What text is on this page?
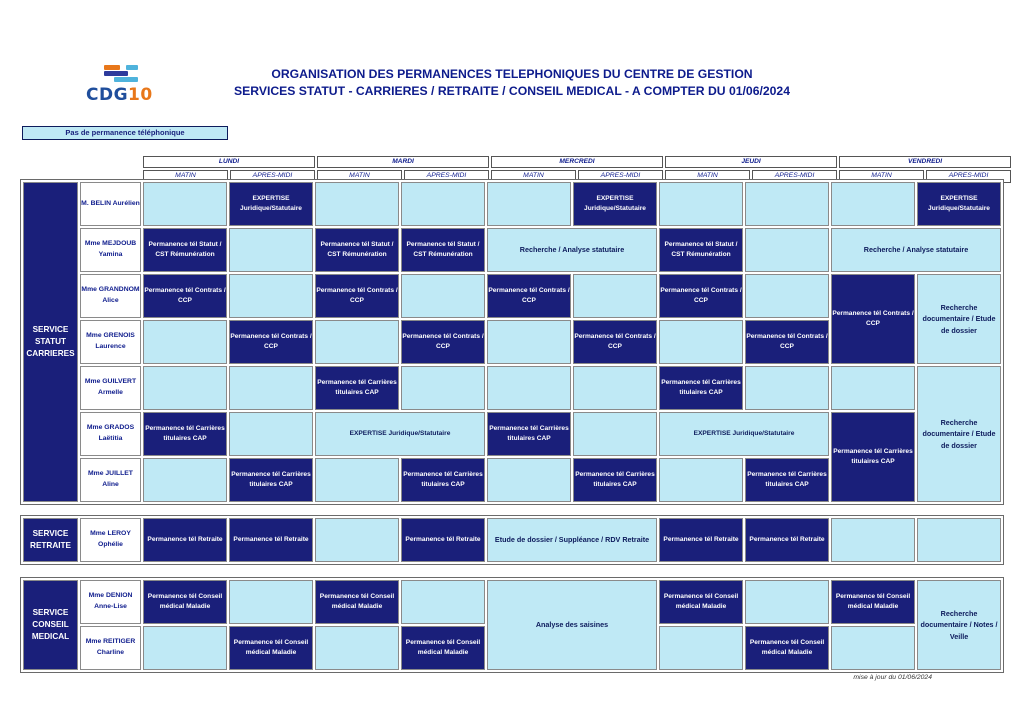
CDG10
ORGANISATION DES PERMANENCES TELEPHONIQUES DU CENTRE DE GESTION
SERVICES STATUT - CARRIERES / RETRAITE / CONSEIL MEDICAL - A COMPTER DU 01/06/2024
Pas de permanence téléphonique
LUNDI		MARDI		MERCREDI		JEUDI		VENDREDI	
MATIN	APRES-MIDI	MATIN	APRES-MIDI	MATIN	APRES-MIDI	MATIN	APRES-MIDI	MATIN	APRES-MIDI
SERVICE STATUT CARRIERES	M. BELIN Aurélien		EXPERTISE Juridique/Statutaire				EXPERTISE Juridique/Statutaire				EXPERTISE Juridique/Statutaire
	Mme MEJDOUB Yamina	Permanence tél Statut / CST Rémunération		Permanence tél Statut / CST Rémunération	Permanence tél Statut / CST Rémunération	Recherche / Analyse statutaire		Permanence tél Statut / CST Rémunération		Recherche / Analyse statutaire	
	Mme GRANDNOM Alice	Permanence tél Contrats / CCP		Permanence tél Contrats / CCP		Permanence tél Contrats / CCP		Permanence tél Contrats / CCP		Permanence tél Contrats / CCP	Recherche documentaire / Etude de dossier
	Mme GRENOIS Laurence		Permanence tél Contrats / CCP		Permanence tél Contrats / CCP		Permanence tél Contrats / CCP		Permanence tél Contrats / CCP		
	Mme GUILVERT Armelle			Permanence tél Carrières titulaires CAP				Permanence tél Carrières titulaires CAP			Recherche documentaire / Etude de dossier
	Mme GRADOS Laëtitia	Permanence tél Carrières titulaires CAP		EXPERTISE Juridique/Statutaire		Permanence tél Carrières titulaires CAP		EXPERTISE Juridique/Statutaire		Permanence tél Carrières titulaires CAP	
	Mme JUILLET Aline		Permanence tél Carrières titulaires CAP		Permanence tél Carrières titulaires CAP		Permanence tél Carrières titulaires CAP		Permanence tél Carrières titulaires CAP		
SERVICE RETRAITE	Mme LEROY Ophélie	Permanence tél Retraite	Permanence tél Retraite		Permanence tél Retraite	Etude de dossier / Suppléance / RDV Retraite	Permanence tél Retraite	Permanence tél Retraite		
SERVICE CONSEIL MEDICAL	Mme DENION Anne-Lise	Permanence tél Conseil médical Maladie		Permanence tél Conseil médical Maladie		Analyse des saisines	Permanence tél Conseil médical Maladie		Permanence tél Conseil médical Maladie	Recherche documentaire / Notes / Veille
	Mme REITIGER Charline		Permanence tél Conseil médical Maladie		Permanence tél Conseil médical Maladie			Permanence tél Conseil médical Maladie		
mise à jour du 01/06/2024
